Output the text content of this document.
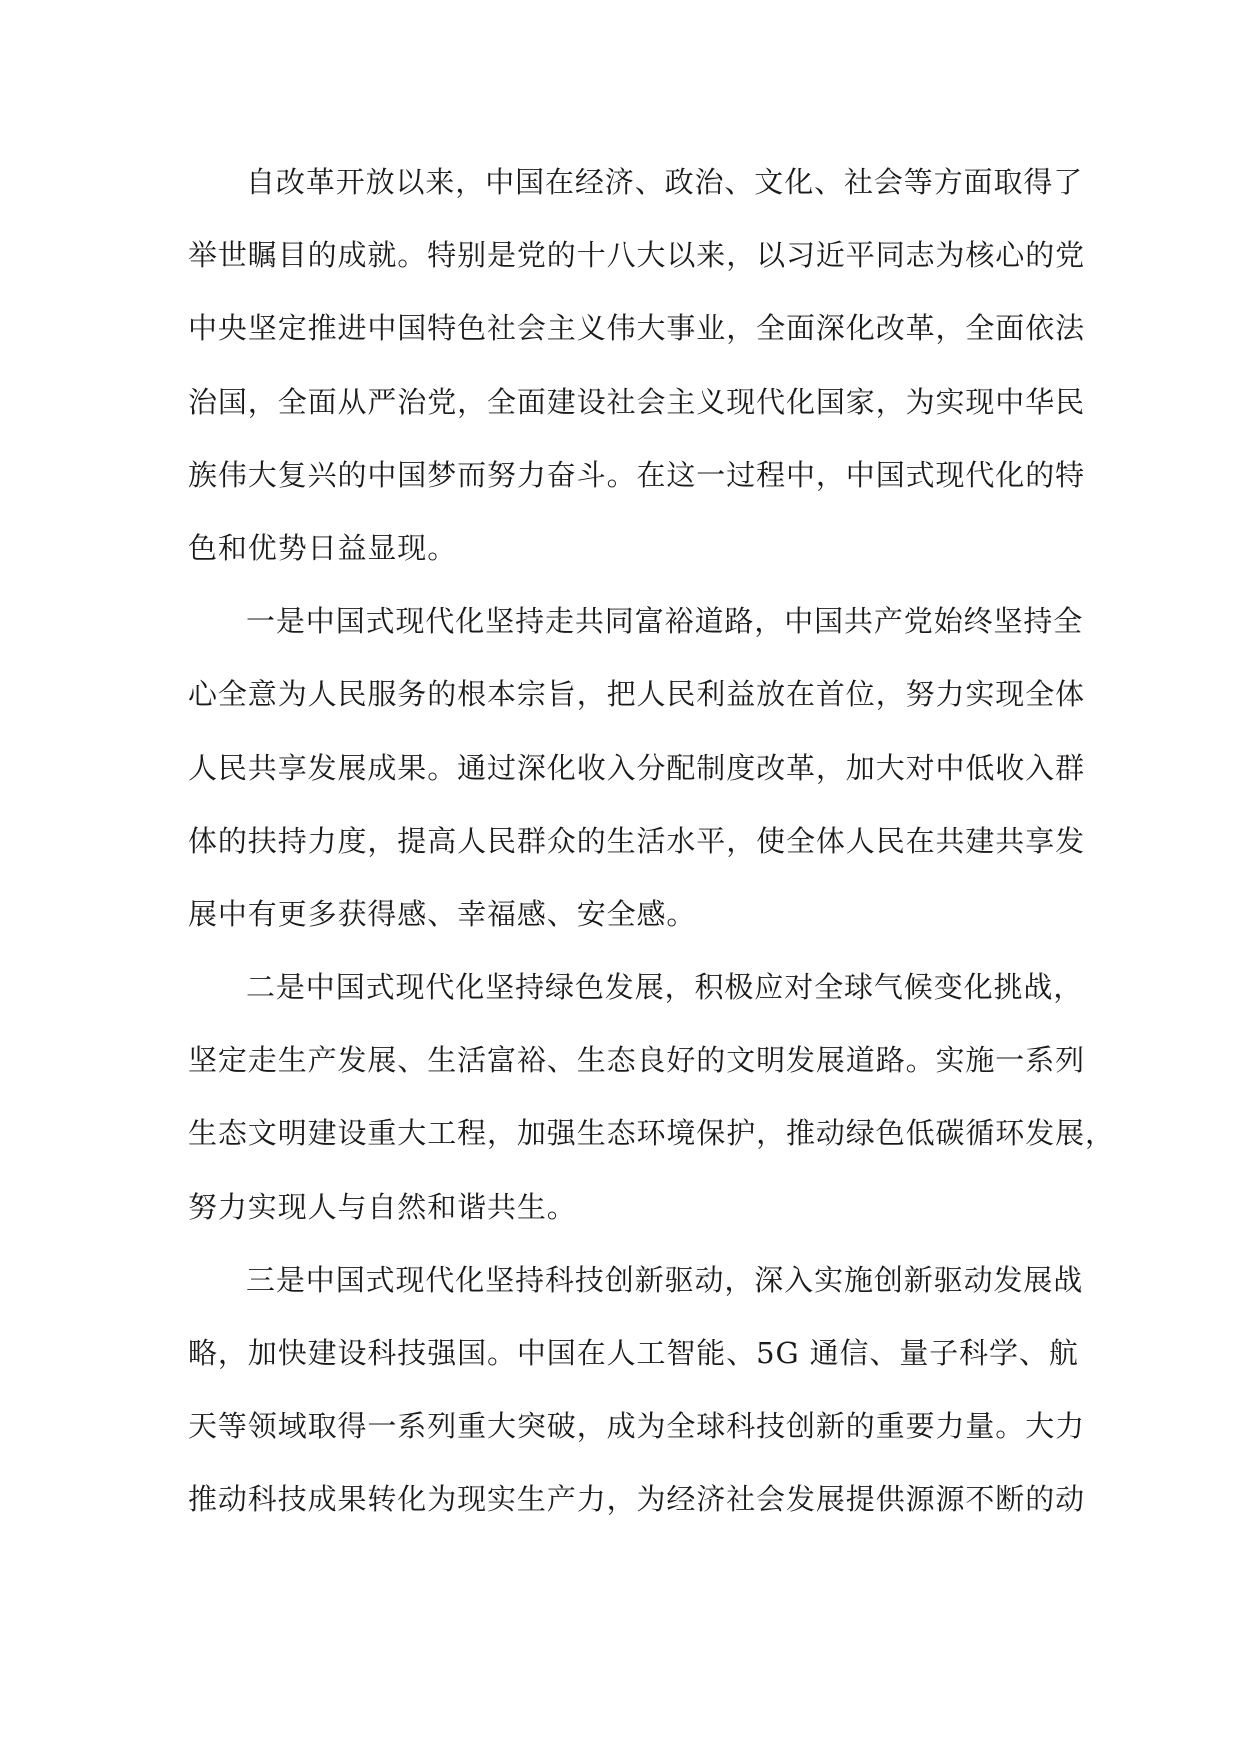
自改革开放以来，中国在经济、政治、文化、社会等方面取得了
举世瞩目的成就。特别是党的十八大以来，以习近平同志为核心的党
中央坚定推进中国特色社会主义伟大事业，全面深化改革，全面依法
治国，全面从严治党，全面建设社会主义现代化国家，为实现中华民
族伟大复兴的中国梦而努力奋斗。在这一过程中，中国式现代化的特
色和优势日益显现。
一是中国式现代化坚持走共同富裕道路，中国共产党始终坚持全
心全意为人民服务的根本宗旨，把人民利益放在首位，努力实现全体
人民共享发展成果。通过深化收入分配制度改革，加大对中低收入群
体的扶持力度，提高人民群众的生活水平，使全体人民在共建共享发
展中有更多获得感、幸福感、安全感。
二是中国式现代化坚持绿色发展，积极应对全球气候变化挑战，
坚定走生产发展、生活富裕、生态良好的文明发展道路。实施一系列
生态文明建设重大工程，加强生态环境保护，推动绿色低碳循环发展，
努力实现人与自然和谐共生。
三是中国式现代化坚持科技创新驱动，深入实施创新驱动发展战
略，加快建设科技强国。中国在人工智能、5G 通信、量子科学、航
天等领域取得一系列重大突破，成为全球科技创新的重要力量。大力
推动科技成果转化为现实生产力，为经济社会发展提供源源不断的动
